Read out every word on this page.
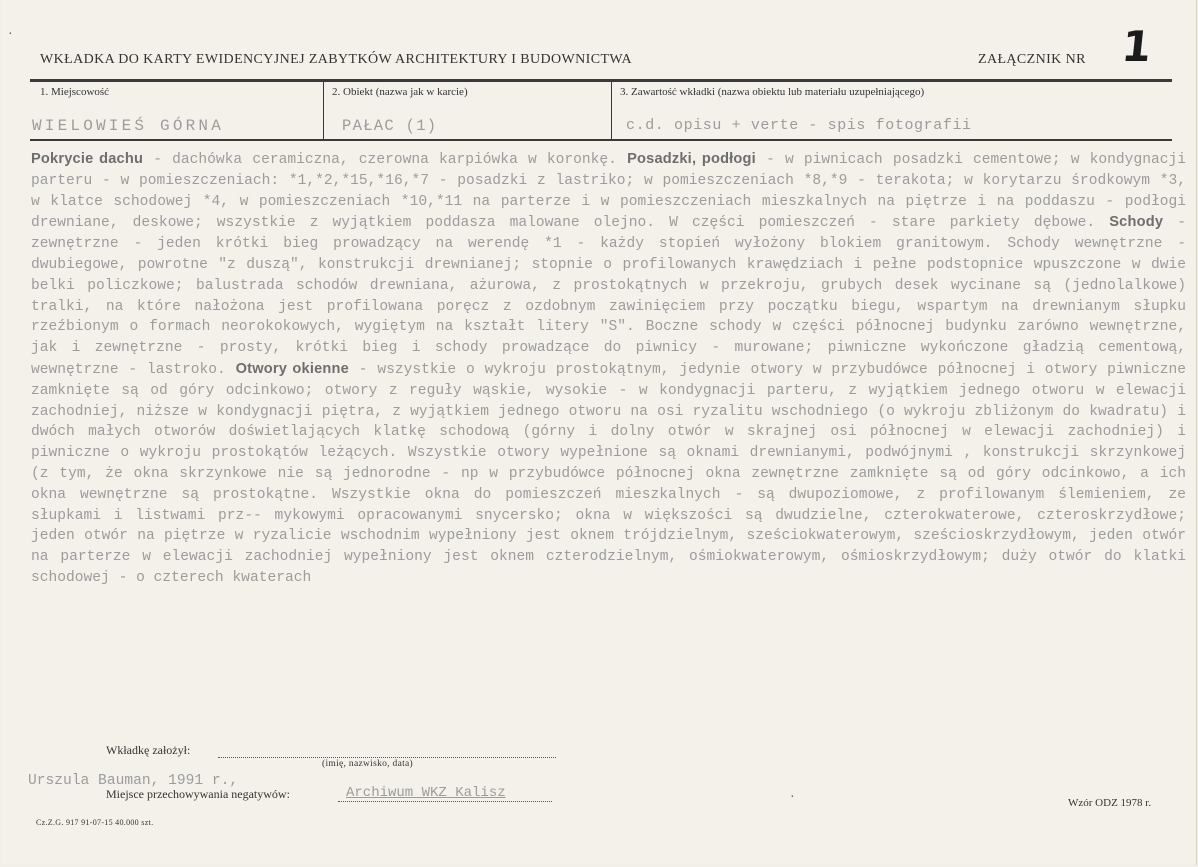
WKŁADKA DO KARTY EWIDENCYJNEJ ZABYTKÓW ARCHITEKTURY I BUDOWNICTWA	ZAŁĄCZNIK NR 1
1. Miejscowość	2. Obiekt (nazwa jak w karcie)	3. Zawartość wkładki (nazwa obiektu lub materiału uzupełniającego)
WIELOWIEŚ GÓRNA	PAŁAC (1)	c.d. opisu + verte - spis fotografii
Pokrycie dachu - dachówka ceramiczna, czerowna karpiówka w koronkę. Posadzki, podłogi - w piwnicach posadzki cementowe; w kondygnacji parteru - w pomieszczeniach: *1,*2,*15,*16,*7 - posadzki z lastriko; w pomieszczeniach *8,*9 - terakota; w korytarzu środkowym *3, w klatce schodowej *4, w pomieszczeniach *10,*11 na parterze i w pomieszczeniach mieszkalnych na piętrze i na poddaszu - podłogi drewniane, deskowe; wszystkie z wyjątkiem poddasza malowane olejno. W części pomieszczeń - stare parkiety dębowe. Schody - zewnętrzne - jeden krótki bieg prowadzący na werendę *1 - każdy stopień wyłożony blokiem granitowym. Schody wewnętrzne - dwubiegowe, powrotne "z duszą", konstrukcji drewnianej; stopnie o profilowanych krawędziach i pełne podstopnice wpuszczone w dwie belki policzkowe; balustrada schodów drewniana, ażurowa, z prostokątnych w przekroju, grubych desek wycinane są (jednolalkowe) tralki, na które nałożona jest profilowana poręcz z ozdobnym zawinięciem przy początku biegu, wspartym na drewnianym słupku rzeźbionym o formach neorokokowych, wygiętym na kształt litery "S". Boczne schody w części północnej budynku zarówno wewnętrzne, jak i zewnętrzne - prosty, krótki bieg i schody prowadzące do piwnicy - murowane; piwniczne wykończone gładzią cementową, wewnętrzne - lastroko. Otwory okienne - wszystkie o wykroju prostokątnym, jedynie otwory w przybudówce północnej i otwory piwniczne zamknięte są od góry odcinkowo; otwory z reguły wąskie, wysokie - w kondygnacji parteru, z wyjątkiem jednego otworu w elewacji zachodniej, niższe w kondygnacji piętra, z wyjątkiem jednego otworu na osi ryzalitu wschodniego (o wykroju zbliżonym do kwadratu) i dwóch małych otworów doświetlających klatkę schodową (górny i dolny otwór w skrajnej osi północnej w elewacji zachodniej) i piwniczne o wykroju prostokątów leżących. Wszystkie otwory wypełnione są oknami drewnianymi, podwójnymi , konstrukcji skrzynkowej (z tym, że okna skrzynkowe nie są jednorodne - np w przybudówce północnej okna zewnętrzne zamknięte są od góry odcinkowo, a ich okna wewnętrzne są prostokątne. Wszystkie okna do pomieszczeń mieszkalnych - są dwupoziomowe, z profilowanym ślemieniem, ze słupkami i listwami prz-- mykowymi opracowanymi snycersko; okna w większości są dwudzielne, czterokwaterowe, czteroskrzydłowe; jeden otwór na piętrze w ryzalicie wschodnim wypełniony jest oknem trójdzielnym, sześciokwaterowym, sześcioskrzydłowym, jeden otwór na parterze w elewacji zachodniej wypełniony jest oknem czterodzielnym, ośmiokwaterowym, ośmioskrzydłowym; duży otwór do klatki schodowej - o czterech kwaterach
Wkładkę założył:
(imię, nazwisko, data)
Urszula Bauman, 1991 r.,
Miejsce przechowywania negatywów:	Archiwum WKZ Kalisz
Wzór ODZ 1978 r.
Cz.Z.G. 917 91-07-15 40.000 szt.
·
·
